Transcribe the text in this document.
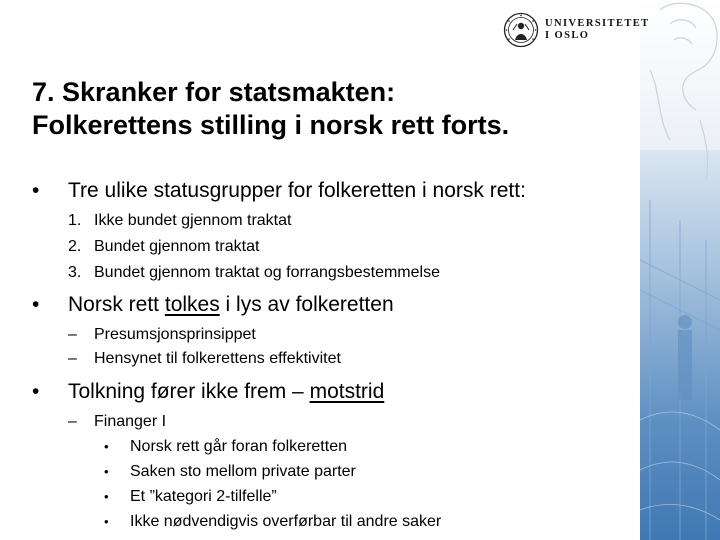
UNIVERSITETET
I OSLO
7. Skranker for statsmakten:
Folkerettens stilling i norsk rett forts.
• Tre ulike statusgrupper for folkeretten i norsk rett:
1. Ikke bundet gjennom traktat
2. Bundet gjennom traktat
3. Bundet gjennom traktat og forrangsbestemmelse
• Norsk rett tolkes i lys av folkeretten
– Presumsjonsprinsippet
– Hensynet til folkerettens effektivitet
• Tolkning fører ikke frem – motstrid
– Finanger I
• Norsk rett går foran folkeretten
• Saken sto mellom private parter
• Et ”kategori 2-tilfelle”
• Ikke nødvendigvis overførbar til andre saker
